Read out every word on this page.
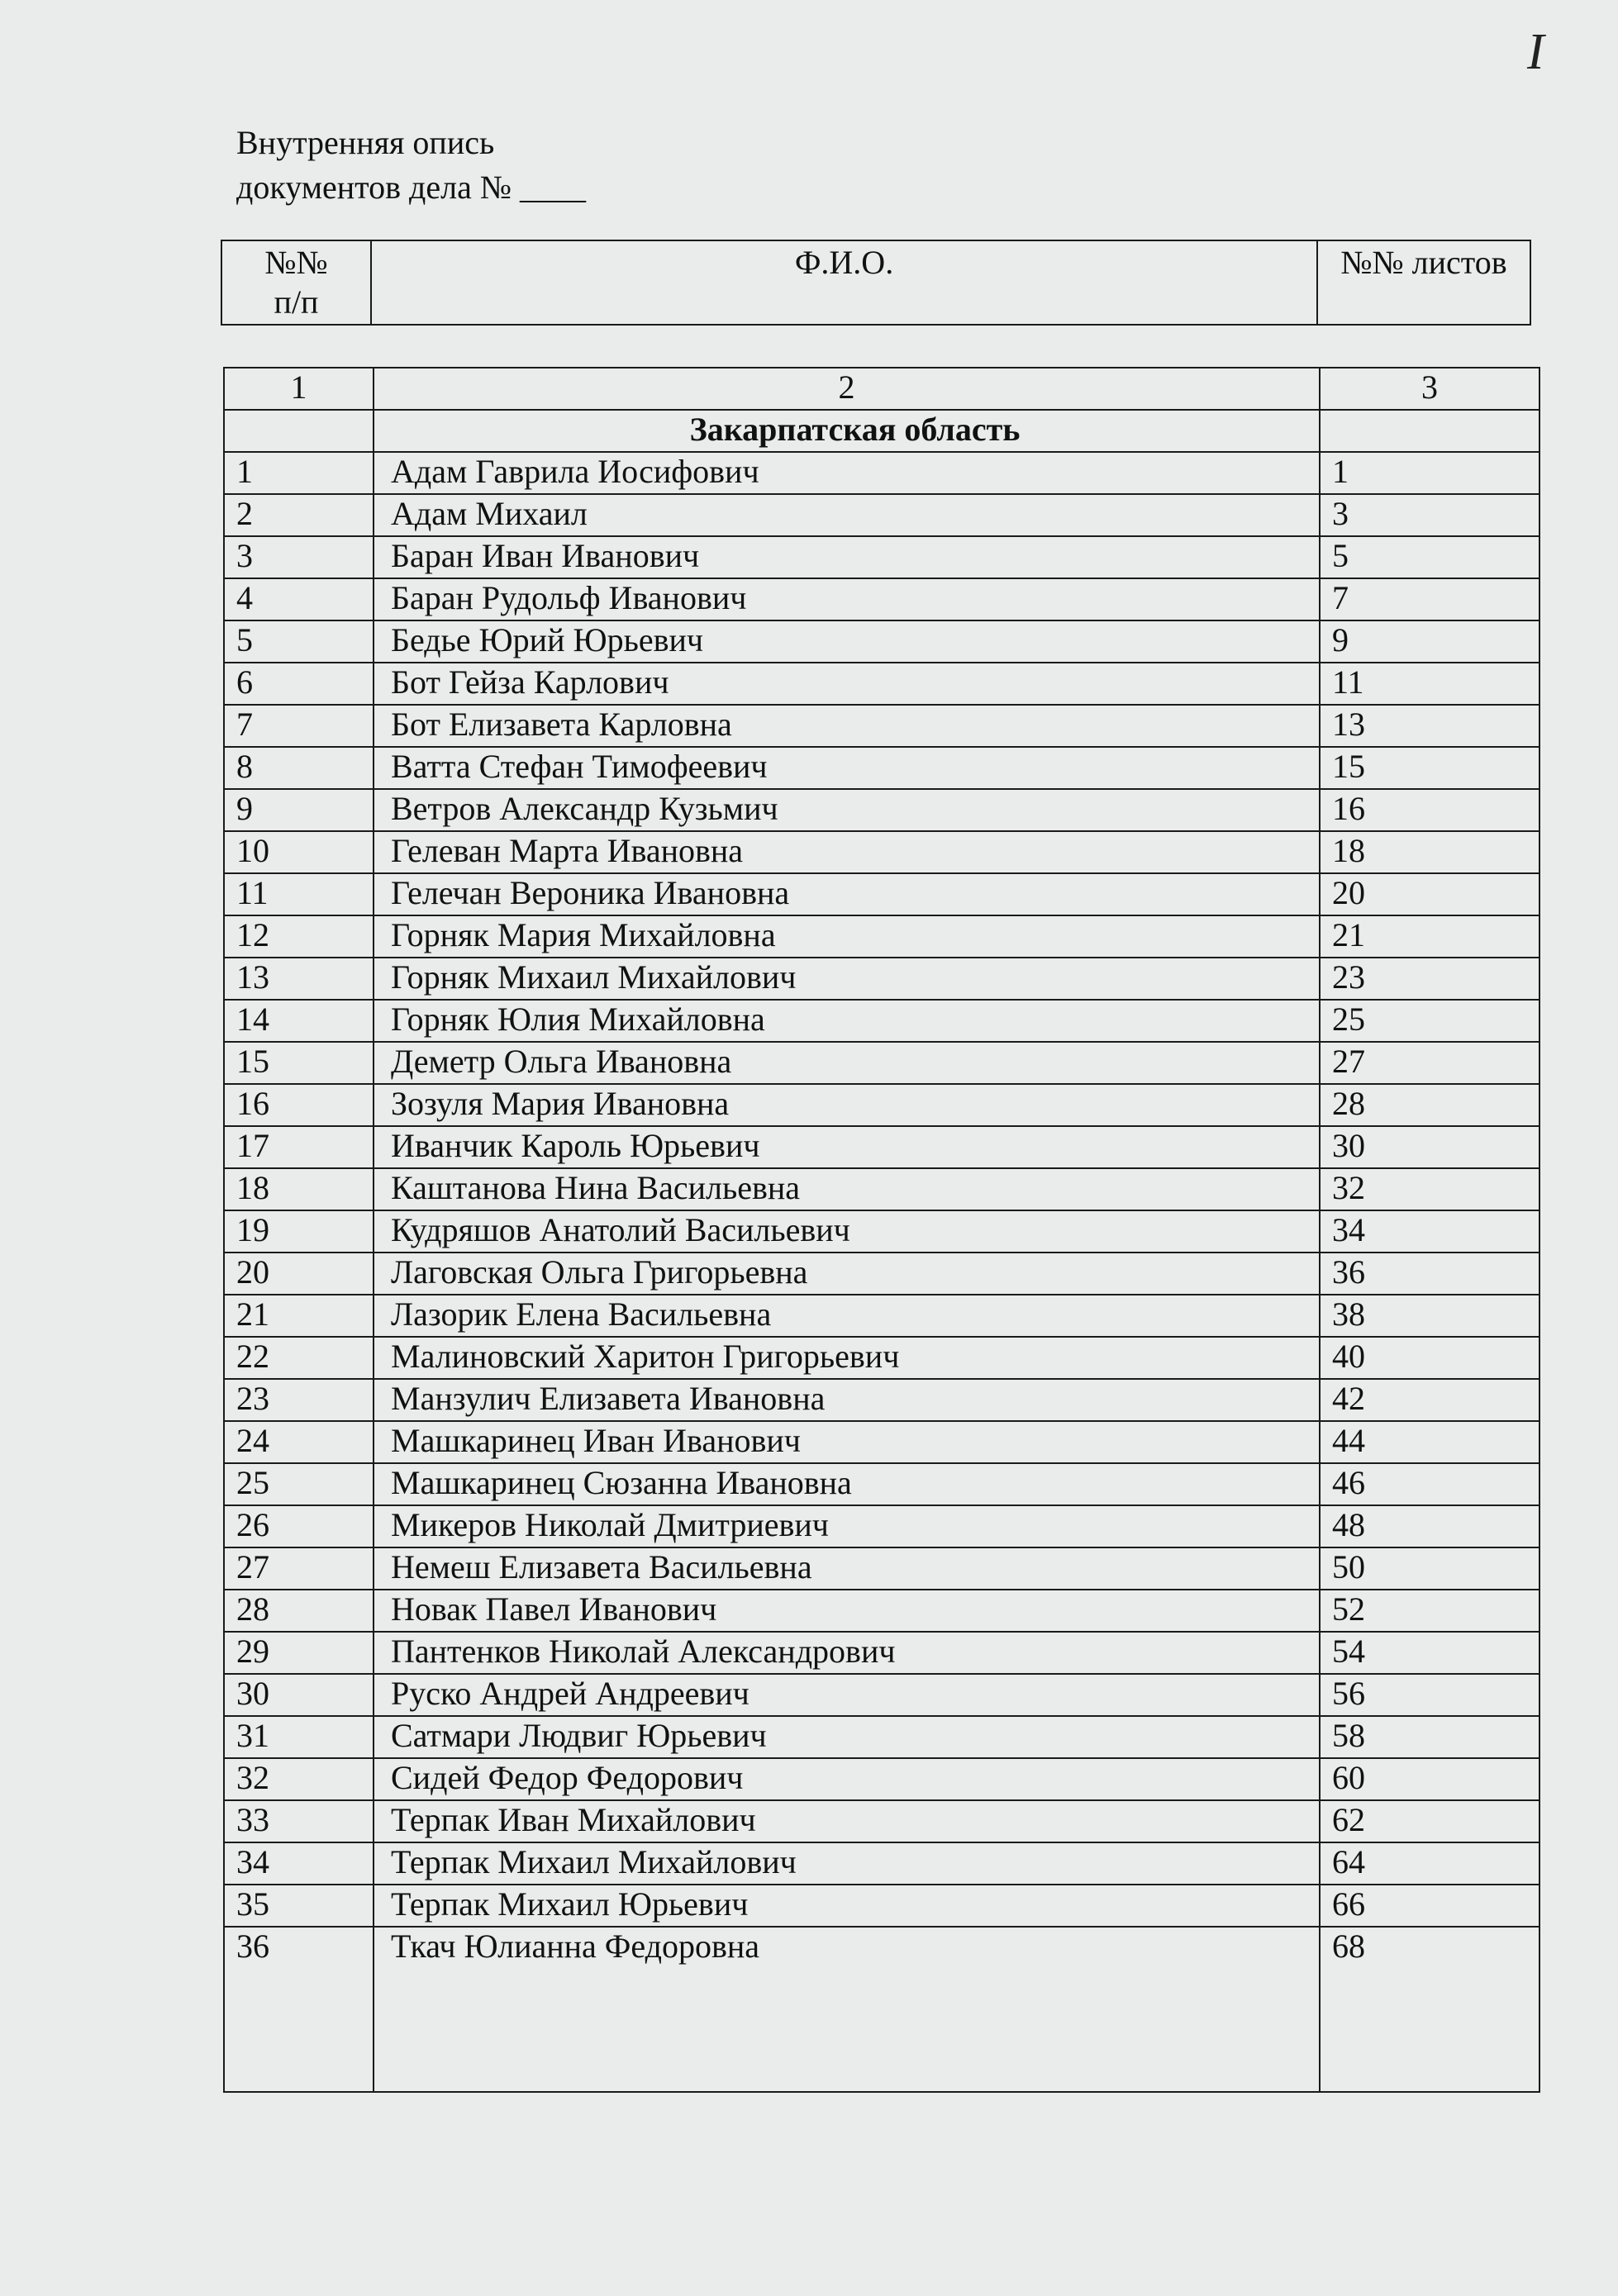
I
Внутренняя опись
документов дела № ____
№№
п/п
	Ф.И.О.	№№ листов
1	2	3
	Закарпатская область	
1	Адам Гаврила Иосифович	1
2	Адам Михаил	3
3	Баран Иван Иванович	5
4	Баран Рудольф Иванович	7
5	Бедье Юрий Юрьевич	9
6	Бот Гейза Карлович	11
7	Бот Елизавета Карловна	13
8	Ватта Стефан Тимофеевич	15
9	Ветров Александр Кузьмич	16
10	Гелеван Марта Ивановна	18
11	Гелечан Вероника Ивановна	20
12	Горняк Мария Михайловна	21
13	Горняк Михаил Михайлович	23
14	Горняк Юлия Михайловна	25
15	Деметр Ольга Ивановна	27
16	Зозуля Мария Ивановна	28
17	Иванчик Кароль Юрьевич	30
18	Каштанова Нина Васильевна	32
19	Кудряшов Анатолий Васильевич	34
20	Лаговская Ольга Григорьевна	36
21	Лазорик Елена Васильевна	38
22	Малиновский Харитон Григорьевич	40
23	Манзулич Елизавета Ивановна	42
24	Машкаринец Иван Иванович	44
25	Машкаринец Сюзанна Ивановна	46
26	Микеров Николай Дмитриевич	48
27	Немеш Елизавета Васильевна	50
28	Новак Павел Иванович	52
29	Пантенков Николай Александрович	54
30	Руско Андрей Андреевич	56
31	Сатмари Людвиг Юрьевич	58
32	Сидей Федор Федорович	60
33	Терпак Иван Михайлович	62
34	Терпак Михаил Михайлович	64
35	Терпак Михаил Юрьевич	66
36	Ткач Юлианна Федоровна	68
